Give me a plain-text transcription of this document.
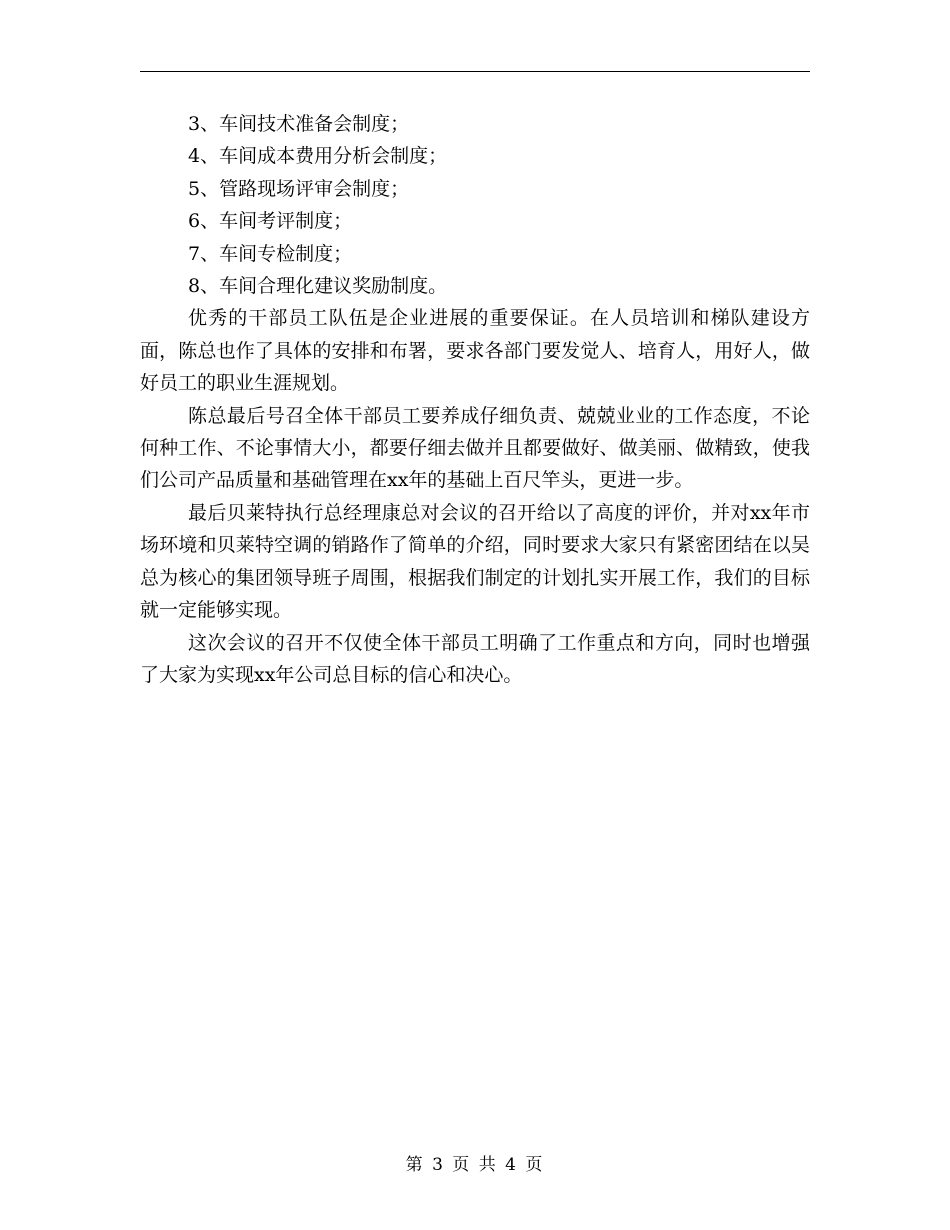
3、车间技术准备会制度；
4、车间成本费用分析会制度；
5、管路现场评审会制度；
6、车间考评制度；
7、车间专检制度；
8、车间合理化建议奖励制度。

优秀的干部员工队伍是企业进展的重要保证。在人员培训和梯队建设方面，陈总也作了具体的安排和布署，要求各部门要发觉人、培育人，用好人，做好员工的职业生涯规划。

陈总最后号召全体干部员工要养成仔细负责、兢兢业业的工作态度，不论何种工作、不论事情大小，都要仔细去做并且都要做好、做美丽、做精致，使我们公司产品质量和基础管理在xx年的基础上百尺竿头，更进一步。

最后贝莱特执行总经理康总对会议的召开给以了高度的评价，并对xx年市场环境和贝莱特空调的销路作了简单的介绍，同时要求大家只有紧密团结在以吴总为核心的集团领导班子周围，根据我们制定的计划扎实开展工作，我们的目标就一定能够实现。

这次会议的召开不仅使全体干部员工明确了工作重点和方向，同时也增强了大家为实现xx年公司总目标的信心和决心。

第 3 页 共 4 页
